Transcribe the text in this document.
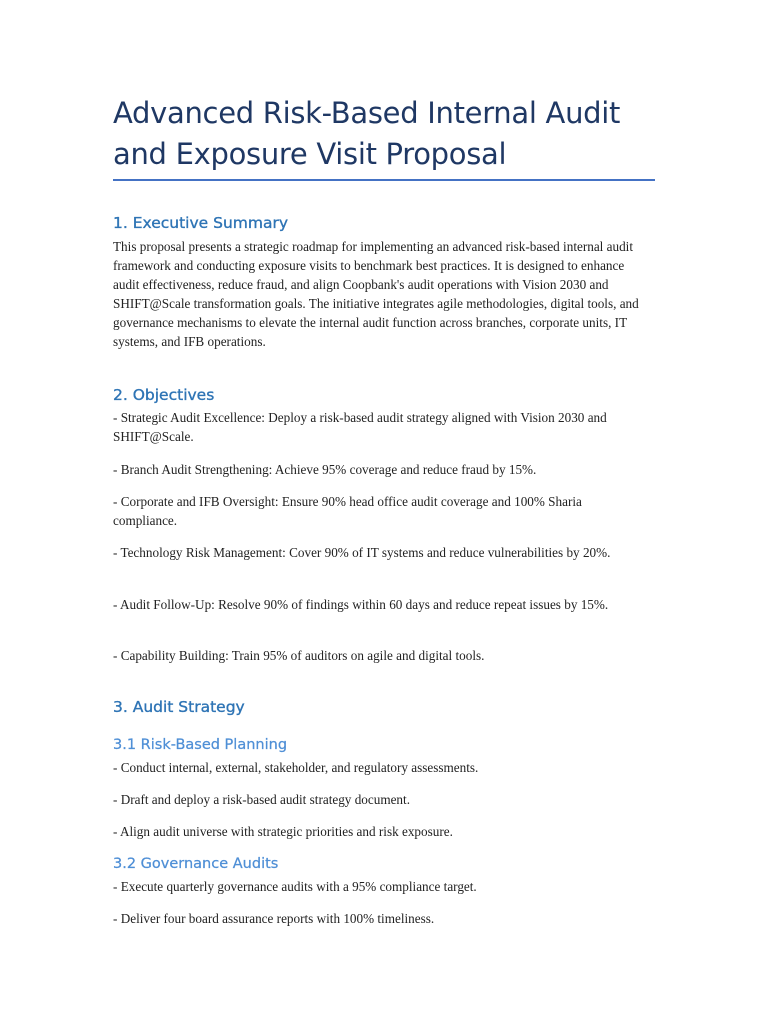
Advanced Risk-Based Internal Audit and Exposure Visit Proposal
1. Executive Summary

This proposal presents a strategic roadmap for implementing an advanced risk-based internal audit framework and conducting exposure visits to benchmark best practices. It is designed to enhance audit effectiveness, reduce fraud, and align Coopbank's audit operations with Vision 2030 and SHIFT@Scale transformation goals. The initiative integrates agile methodologies, digital tools, and governance mechanisms to elevate the internal audit function across branches, corporate units, IT systems, and IFB operations.

2. Objectives

- Strategic Audit Excellence: Deploy a risk-based audit strategy aligned with Vision 2030 and SHIFT@Scale.

- Branch Audit Strengthening: Achieve 95% coverage and reduce fraud by 15%.

- Corporate and IFB Oversight: Ensure 90% head office audit coverage and 100% Sharia compliance.

- Technology Risk Management: Cover 90% of IT systems and reduce vulnerabilities by 20%.

- Audit Follow-Up: Resolve 90% of findings within 60 days and reduce repeat issues by 15%.

- Capability Building: Train 95% of auditors on agile and digital tools.

3. Audit Strategy
3.1 Risk-Based Planning

- Conduct internal, external, stakeholder, and regulatory assessments.

- Draft and deploy a risk-based audit strategy document.

- Align audit universe with strategic priorities and risk exposure.

3.2 Governance Audits

- Execute quarterly governance audits with a 95% compliance target.

- Deliver four board assurance reports with 100% timeliness.
